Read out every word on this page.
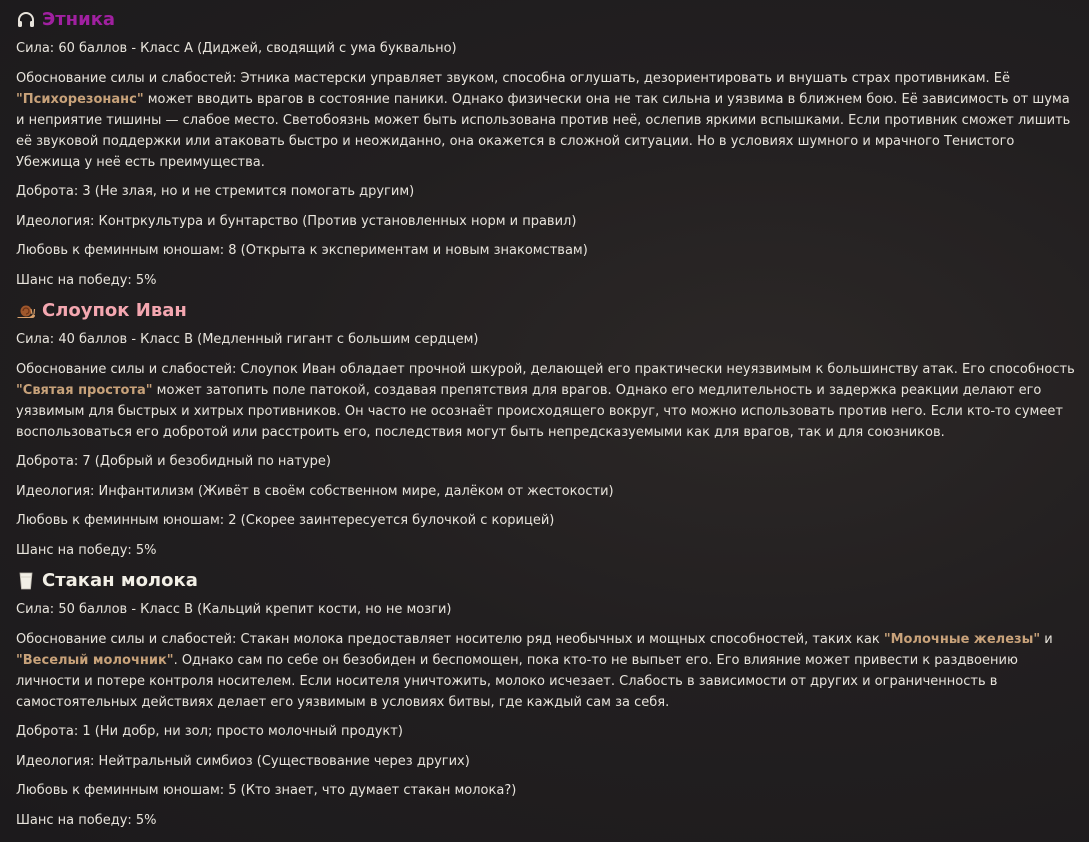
Этника

Сила: 60 баллов - Класс A (Диджей, сводящий с ума буквально)

Обоснование силы и слабостей: Этника мастерски управляет звуком, способна оглушать, дезориентировать и внушать страх противникам. Её "Психорезонанс" может вводить врагов в состояние паники. Однако физически она не так сильна и уязвима в ближнем бою. Её зависимость от шума и неприятие тишины — слабое место. Светобоязнь может быть использована против неё, ослепив яркими вспышками. Если противник сможет лишить её звуковой поддержки или атаковать быстро и неожиданно, она окажется в сложной ситуации. Но в условиях шумного и мрачного Тенистого Убежища у неё есть преимущества.

Доброта: 3 (Не злая, но и не стремится помогать другим)

Идеология: Контркультура и бунтарство (Против установленных норм и правил)

Любовь к феминным юношам: 8 (Открыта к экспериментам и новым знакомствам)

Шанс на победу: 5%

Слоупок Иван

Сила: 40 баллов - Класс B (Медленный гигант с большим сердцем)

Обоснование силы и слабостей: Слоупок Иван обладает прочной шкурой, делающей его практически неуязвимым к большинству атак. Его способность "Святая простота" может затопить поле патокой, создавая препятствия для врагов. Однако его медлительность и задержка реакции делают его уязвимым для быстрых и хитрых противников. Он часто не осознаёт происходящего вокруг, что можно использовать против него. Если кто-то сумеет воспользоваться его добротой или расстроить его, последствия могут быть непредсказуемыми как для врагов, так и для союзников.

Доброта: 7 (Добрый и безобидный по натуре)

Идеология: Инфантилизм (Живёт в своём собственном мире, далёком от жестокости)

Любовь к феминным юношам: 2 (Скорее заинтересуется булочкой с корицей)

Шанс на победу: 5%

Стакан молока

Сила: 50 баллов - Класс B (Кальций крепит кости, но не мозги)

Обоснование силы и слабостей: Стакан молока предоставляет носителю ряд необычных и мощных способностей, таких как "Молочные железы" и "Веселый молочник". Однако сам по себе он безобиден и беспомощен, пока кто-то не выпьет его. Его влияние может привести к раздвоению личности и потере контроля носителем. Если носителя уничтожить, молоко исчезает. Слабость в зависимости от других и ограниченность в самостоятельных действиях делает его уязвимым в условиях битвы, где каждый сам за себя.

Доброта: 1 (Ни добр, ни зол; просто молочный продукт)

Идеология: Нейтральный симбиоз (Существование через других)

Любовь к феминным юношам: 5 (Кто знает, что думает стакан молока?)

Шанс на победу: 5%
